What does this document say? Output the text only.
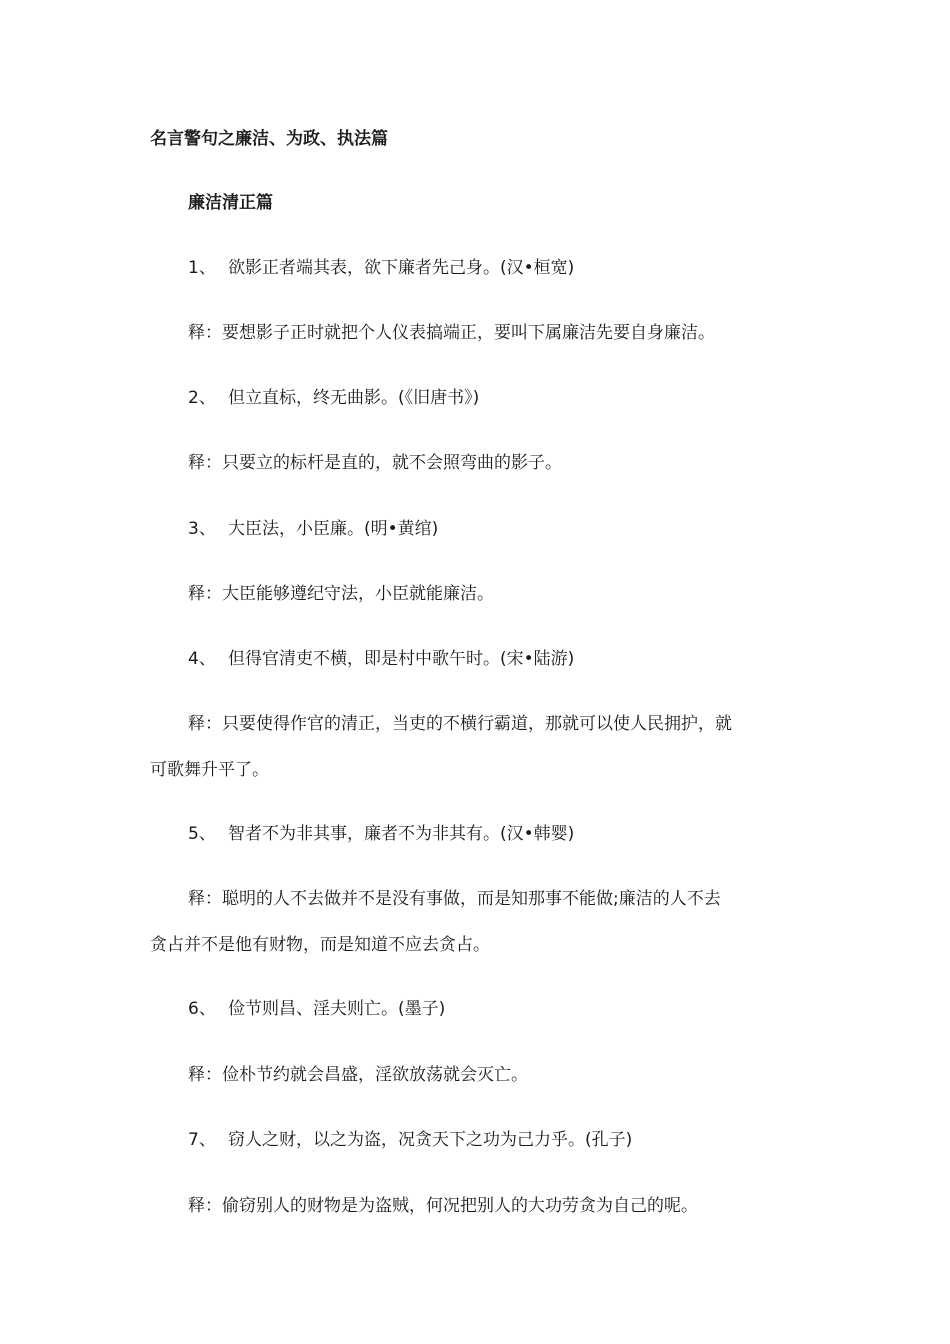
名言警句之廉洁、为政、执法篇
廉洁清正篇
1、 欲影正者端其表，欲下廉者先己身。(汉•桓宽)
释：要想影子正时就把个人仪表搞端正，要叫下属廉洁先要自身廉洁。
2、 但立直标，终无曲影。(《旧唐书》)
释：只要立的标杆是直的，就不会照弯曲的影子。
3、 大臣法，小臣廉。(明•黄绾)
释：大臣能够遵纪守法，小臣就能廉洁。
4、 但得官清吏不横，即是村中歌午时。(宋•陆游)
释：只要使得作官的清正，当吏的不横行霸道，那就可以使人民拥护，就
可歌舞升平了。
5、 智者不为非其事，廉者不为非其有。(汉•韩婴)
释：聪明的人不去做并不是没有事做，而是知那事不能做;廉洁的人不去
贪占并不是他有财物，而是知道不应去贪占。
6、 俭节则昌、淫夫则亡。(墨子)
释：俭朴节约就会昌盛，淫欲放荡就会灭亡。
7、 窃人之财，以之为盗，况贪天下之功为己力乎。(孔子)
释：偷窃别人的财物是为盗贼，何况把别人的大功劳贪为自己的呢。
